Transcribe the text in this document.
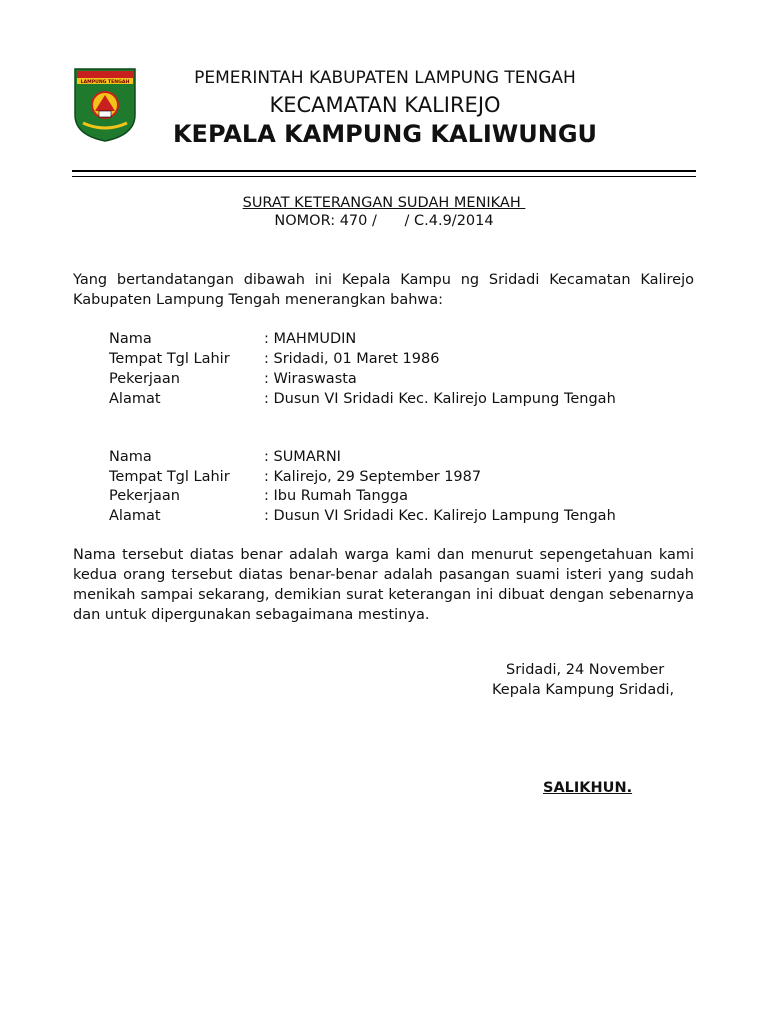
LAMPUNG TENGAH	PEMERINTAH KABUPATEN LAMPUNG TENGAH
KECAMATAN KALIREJO
KEPALA KAMPUNG KALIWUNGU
SURAT KETERANGAN SUDAH MENIKAH
NOMOR: 470 /      / C.4.9/2014
Yang bertandatangan dibawah ini Kepala Kampu ng Sridadi Kecamatan Kalirejo Kabupaten Lampung Tengah menerangkan bahwa:
Nama	: MAHMUDIN
Tempat Tgl Lahir : Sridadi, 01 Maret 1986
Pekerjaan	: Wiraswasta
Alamat	: Dusun VI Sridadi Kec. Kalirejo Lampung Tengah
Nama	: SUMARNI
Tempat Tgl Lahir : Kalirejo, 29 September 1987
Pekerjaan	: Ibu Rumah Tangga
Alamat	: Dusun VI Sridadi Kec. Kalirejo Lampung Tengah
Nama tersebut diatas benar adalah warga kami dan menurut sepengetahuan kami kedua orang tersebut diatas benar-benar adalah pasangan suami isteri yang sudah menikah sampai sekarang, demikian surat keterangan ini dibuat dengan sebenarnya dan untuk dipergunakan sebagaimana mestinya.
Sridadi, 24 November
Kepala Kampung Sridadi,
SALIKHUN.
